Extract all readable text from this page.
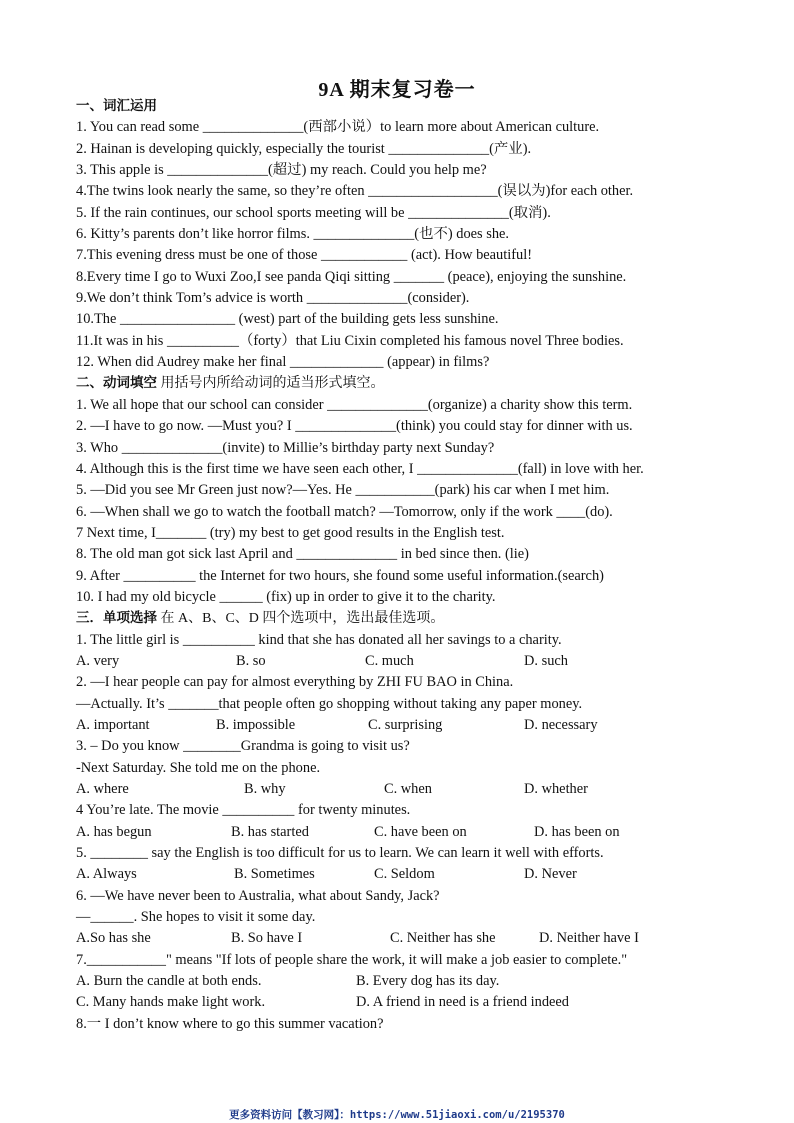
9A 期末复习卷一
一、词汇运用
1. You can read some ______________(西部小说）to learn more about American culture.
2. Hainan is developing quickly, especially the tourist ______________(产业).
3. This apple is ______________(超过) my reach. Could you help me?
4.The twins look nearly the same, so they’re often __________________(误以为)for each other.
5. If the rain continues, our school sports meeting will be ______________(取消).
6. Kitty’s parents don’t like horror films. ______________(也不) does she.
7.This evening dress must be one of those ____________ (act). How beautiful!
8.Every time I go to Wuxi Zoo,I see panda Qiqi sitting _______ (peace), enjoying the sunshine.
9.We don’t think Tom’s advice is worth ______________(consider).
10.The ________________ (west) part of the building gets less sunshine.
11.It was in his __________（forty）that Liu Cixin completed his famous novel Three bodies.
12. When did Audrey make her final _____________ (appear) in films?
二、动词填空 用括号内所给动词的适当形式填空。
1. We all hope that our school can consider ______________(organize) a charity show this term.
2. —I have to go now. —Must you? I ______________(think) you could stay for dinner with us.
3. Who ______________(invite) to Millie’s birthday party next Sunday?
4. Although this is the first time we have seen each other, I ______________(fall) in love with her.
5. —Did you see Mr Green just now?—Yes. He ___________(park) his car when I met him.
6. —When shall we go to watch the football match? —Tomorrow, only if the work ____(do).
7 Next time, I_______ (try) my best to get good results in the English test.
8. The old man got sick last April and ______________ in bed since then. (lie)
9. After __________ the Internet for two hours, she found some useful information.(search)
10. I had my old bicycle ______ (fix) up in order to give it to the charity.
三．单项选择 在 A、B、C、D 四个选项中，选出最佳选项。
1. The little girl is __________ kind that she has donated all her savings to a charity.
A. very	B. so	C. much	D. such
2. —I hear people can pay for almost everything by ZHI FU BAO in China.
—Actually. It’s _______that people often go shopping without taking any paper money.
A. important	B. impossible	C. surprising	D. necessary
3. – Do you know ________Grandma is going to visit us?
-Next Saturday. She told me on the phone.
A. where	B. why	C. when	D. whether
4 You’re late. The movie __________ for twenty minutes.
A. has begun	B. has started	C. have been on	D. has been on
5. ________ say the English is too difficult for us to learn. We can learn it well with efforts.
A. Always	B. Sometimes	C. Seldom	D. Never
6. —We have never been to Australia, what about Sandy, Jack?
—______. She hopes to visit it some day.
A.So has she	B. So have I	C. Neither has she	D. Neither have I
7.___________" means "If lots of people share the work, it will make a job easier to complete."
A. Burn the candle at both ends.	B. Every dog has its day.
C. Many hands make light work.	D. A friend in need is a friend indeed
8.一 I don’t know where to go this summer vacation?
更多资料访问【教习网】：https://www.51jiaoxi.com/u/2195370
